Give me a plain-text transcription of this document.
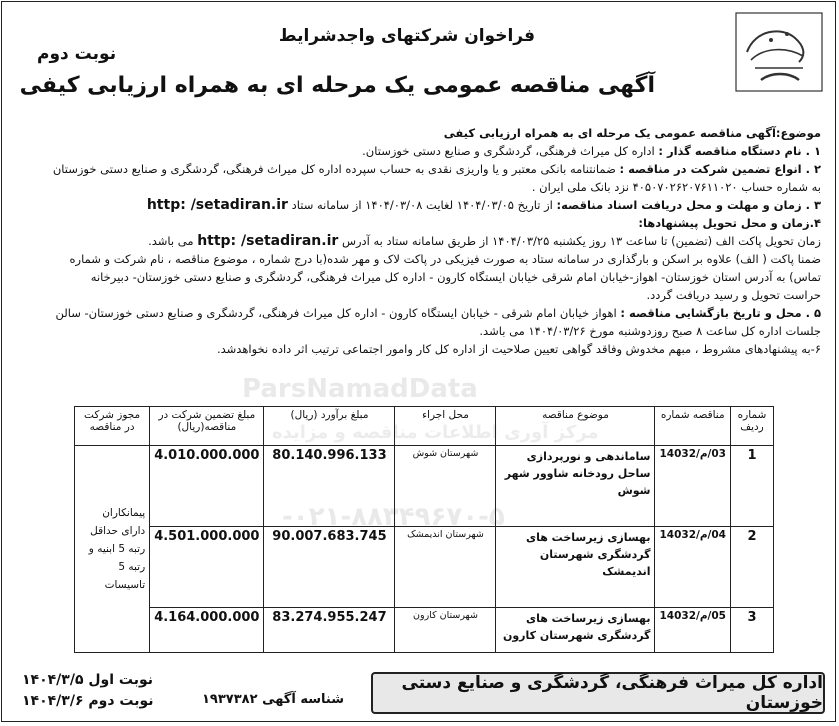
نوبت دوم
فراخوان شرکتهای واجدشرایط
آگهی مناقصه عمومی یک مرحله ای به همراه ارزیابی کیفی
ParsNamadData
مرکز آوری اطلاعات مناقصه و مزایده
-۰۲۱-۸۸۳۴۹۶۷۰-۵

موضوع:آگهی مناقصه عمومی یک مرحله ای به همراه ارزیابی کیفی

۱ . نام دستگاه مناقصه گذار : اداره کل میراث فرهنگی، گردشگری و صنایع دستی خوزستان.

۲ . انواع تضمین شرکت در مناقصه : ضمانتنامه بانکی معتبر و یا واریزی نقدی به حساب سپرده اداره کل میراث فرهنگی، گردشگری و صنایع دستی خوزستان

به شماره حساب ۴۰۵۰۷۰۲۶۲۰۷۶۱۱۰۲۰ نزد بانک ملی ایران .

۳ . زمان و مهلت و محل دریافت اسناد مناقصه: از تاریخ ۱۴۰۴/۰۳/۰۵ لغایت ۱۴۰۴/۰۳/۰۸ از سامانه ستاد http: /setadiran.ir

۴.زمان و محل تحویل پیشنهادها:

زمان تحویل پاکت الف (تضمین) تا ساعت ۱۳ روز یکشنبه ۱۴۰۴/۰۳/۲۵ از طریق سامانه ستاد به آدرس http: /setadiran.ir می باشد.

ضمنا پاکت ( الف) علاوه بر اسکن و بارگذاری در سامانه ستاد به صورت فیزیکی در پاکت لاک و مهر شده(با درج شماره ، موضوع مناقصه ، نام شرکت و شماره

تماس) به آدرس استان خوزستان- اهواز-خیابان امام شرقی خیابان ایستگاه کارون - اداره کل میراث فرهنگی، گردشگری و صنایع دستی خوزستان- دبیرخانه

حراست تحویل و رسید دریافت گردد.

۵ . محل و تاریخ بازگشایی مناقصه : اهواز خیابان امام شرقی - خیابان ایستگاه کارون - اداره کل میراث فرهنگی، گردشگری و صنایع دستی خوزستان- سالن

جلسات اداره کل ساعت ۸ صبح روزدوشنبه مورخ ۱۴۰۴/۰۳/۲۶ می باشد.

۶-به پیشنهادهای مشروط ، مبهم مخدوش وفاقد گواهی تعیین صلاحیت از اداره کل کار وامور اجتماعی ترتیب اثر داده نخواهدشد.

شماره ردیف	مناقصه شماره	موضوع مناقصه	محل اجراء	مبلغ برآورد (ریال)	مبلغ تضمین شرکت در مناقصه(ریال)	مجوز شرکت در مناقصه
1	03/م/14032	ساماندهی و نورپردازی ساحل رودخانه شاوور شهر شوش	شهرستان شوش	80.140.996.133	4.010.000.000	پیمانکاران دارای حداقل رتبه 5 ابنیه و رتبه 5 تاسیسات
2	04/م/14032	بهسازی زیرساخت های گردشگری شهرستان اندیمشک	شهرستان اندیمشک	90.007.683.745	4.501.000.000	
3	05/م/14032	بهسازی زیرساخت های گردشگری شهرستان کارون	شهرستان کارون	83.274.955.247	4.164.000.000	
اداره کل میراث فرهنگی، گردشگری و صنایع دستی خوزستان
شناسه آگهی ۱۹۳۷۳۸۲
نوبت اول ۱۴۰۴/۳/۵
نوبت دوم ۱۴۰۴/۳/۶
